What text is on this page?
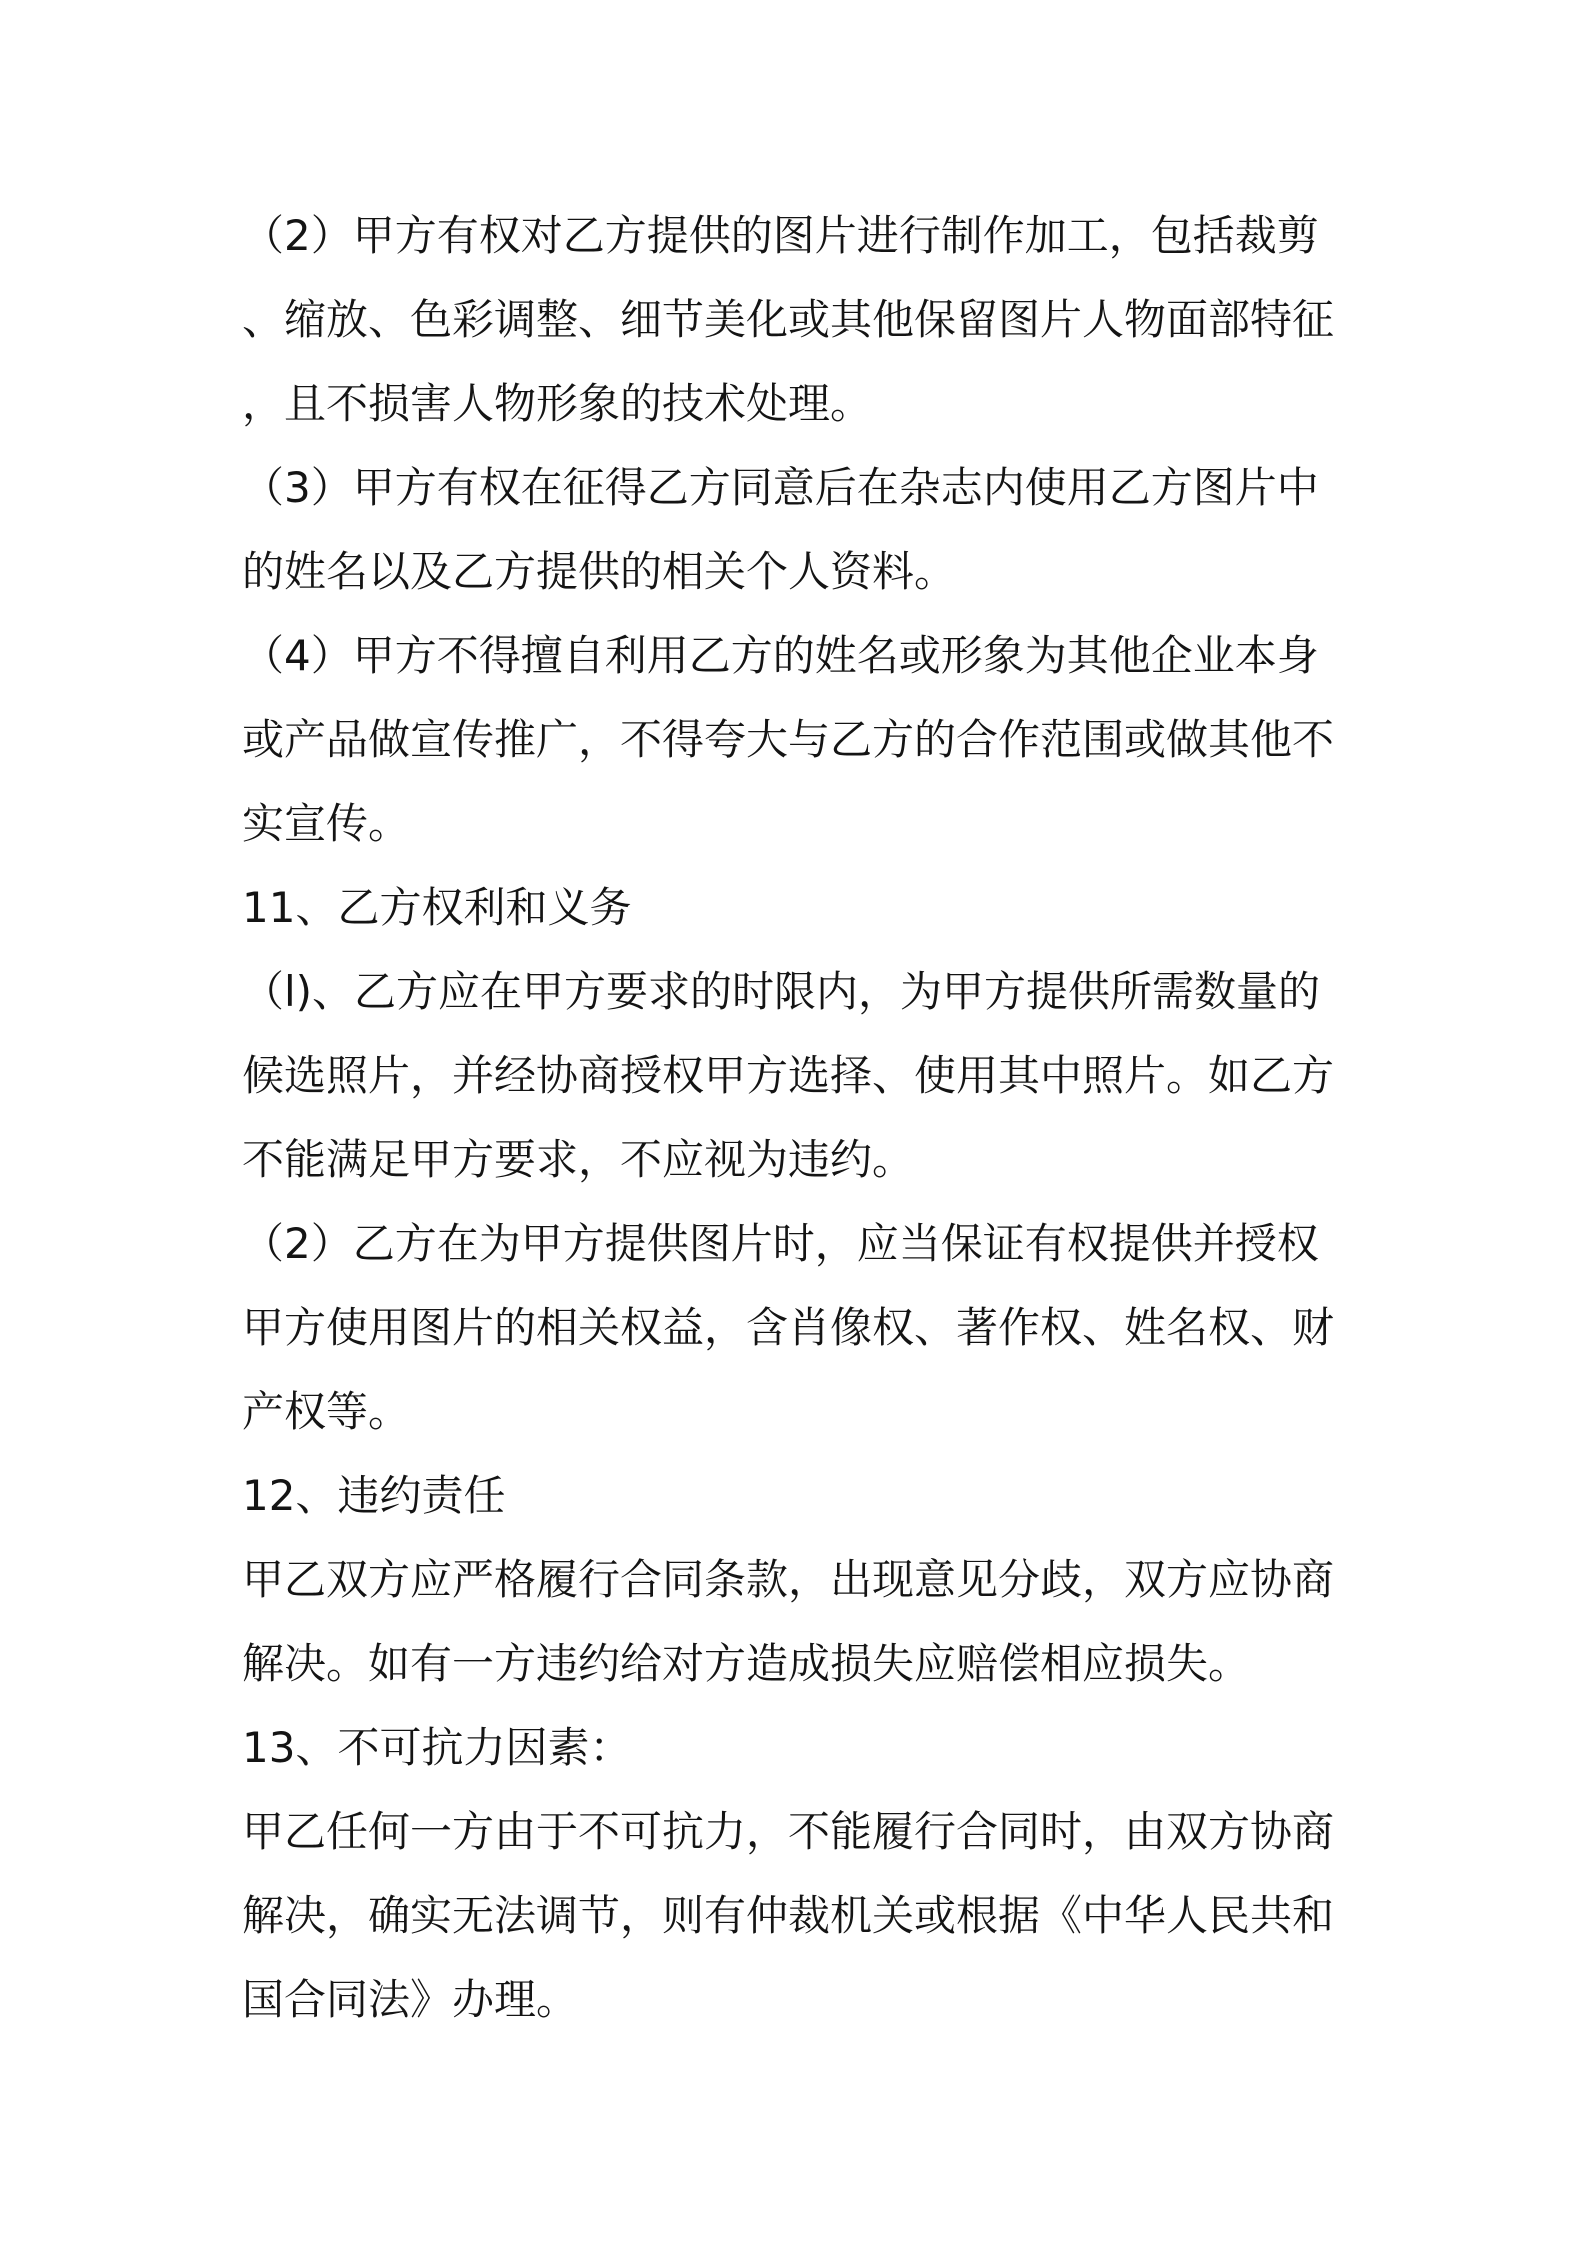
（2）甲方有权对乙方提供的图片进行制作加工，包括裁剪
、缩放、色彩调整、细节美化或其他保留图片人物面部特征
，且不损害人物形象的技术处理。
（3）甲方有权在征得乙方同意后在杂志内使用乙方图片中
的姓名以及乙方提供的相关个人资料。
（4）甲方不得擅自利用乙方的姓名或形象为其他企业本身
或产品做宣传推广，不得夸大与乙方的合作范围或做其他不
实宣传。
11、乙方权利和义务
（l)、乙方应在甲方要求的时限内，为甲方提供所需数量的
候选照片，并经协商授权甲方选择、使用其中照片。如乙方
不能满足甲方要求，不应视为违约。
（2）乙方在为甲方提供图片时，应当保证有权提供并授权
甲方使用图片的相关权益，含肖像权、著作权、姓名权、财
产权等。
12、违约责任
甲乙双方应严格履行合同条款，出现意见分歧，双方应协商
解决。如有一方违约给对方造成损失应赔偿相应损失。
13、不可抗力因素：
甲乙任何一方由于不可抗力，不能履行合同时，由双方协商
解决，确实无法调节，则有仲裁机关或根据《中华人民共和
国合同法》办理。
